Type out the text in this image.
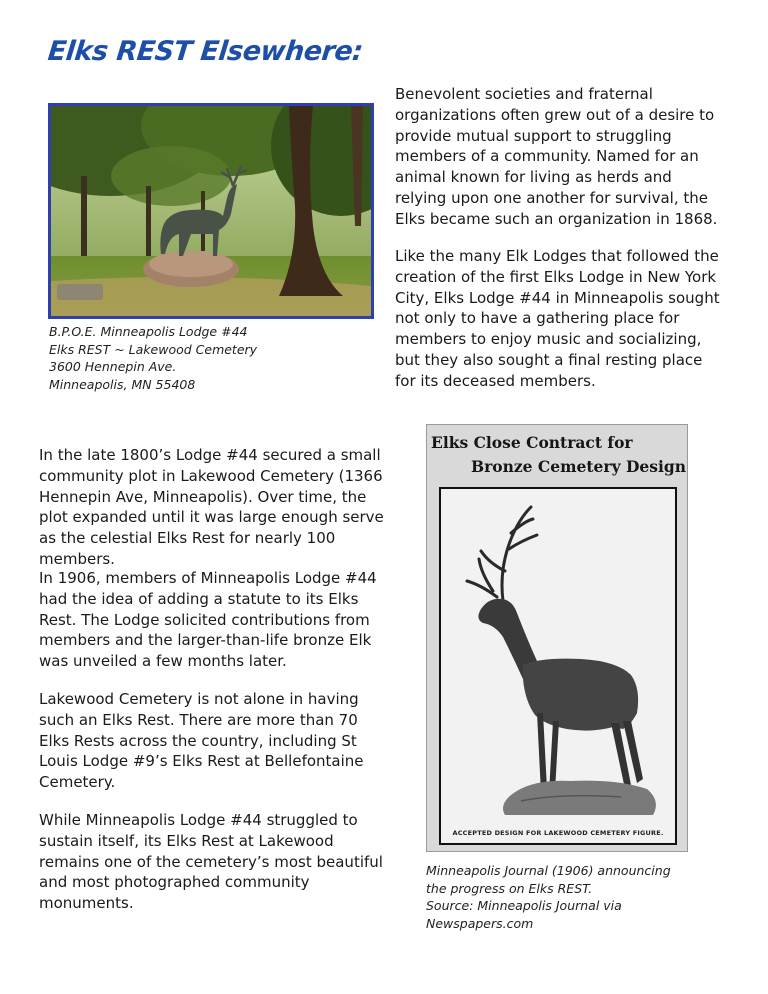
Elks REST Elsewhere:

B.P.O.E. Minneapolis Lodge #44
Elks REST ~ Lakewood Cemetery
3600 Hennepin Ave.
Minneapolis, MN 55408

Benevolent societies and fraternal organizations often grew out of a desire to provide mutual support to struggling members of a community. Named for an animal known for living as herds and relying upon one another for survival, the Elks became such an organization in 1868.

Like the many Elk Lodges that followed the creation of the first Elks Lodge in New York City, Elks Lodge #44 in Minneapolis sought not only to have a gathering place for members to enjoy music and socializing, but they also sought a final resting place for its deceased members.

In the late 1800’s Lodge #44 secured a small community plot in Lakewood Cemetery (1366 Hennepin Ave, Minneapolis). Over time, the plot expanded until it was large enough serve as the celestial Elks Rest for nearly 100 members.

In 1906, members of Minneapolis Lodge #44 had the idea of adding a statute to its Elks Rest. The Lodge solicited contributions from members and the larger-than-life bronze Elk was unveiled a few months later.

Lakewood Cemetery is not alone in having such an Elks Rest. There are more than 70 Elks Rests across the country, including St Louis Lodge #9’s Elks Rest at Bellefontaine Cemetery.

While Minneapolis Lodge #44 struggled to sustain itself, its Elks Rest at Lakewood remains one of the cemetery’s most beautiful and most photographed community monuments.

Elks Close Contract for
Bronze Cemetery Design
ACCEPTED DESIGN FOR LAKEWOOD CEMETERY FIGURE.

Minneapolis Journal (1906) announcing
the progress on Elks REST.
Source: Minneapolis Journal via
Newspapers.com
